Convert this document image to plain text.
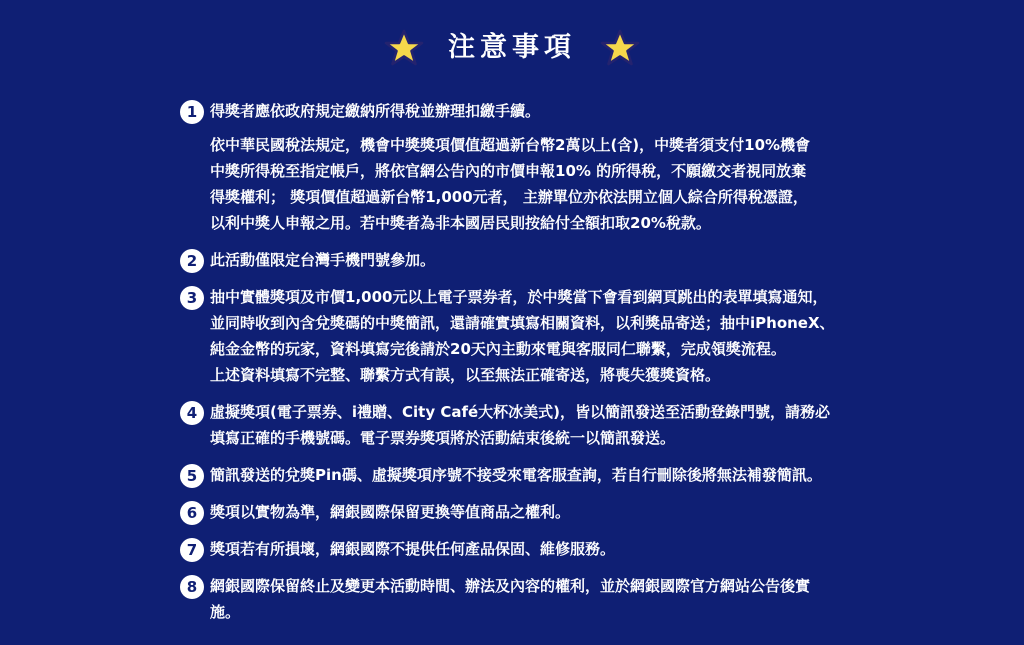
注意事項
1 得獎者應依政府規定繳納所得稅並辦理扣繳手續。
依中華民國稅法規定，機會中獎獎項價值超過新台幣2萬以上(含)，中獎者須支付10%機會
中獎所得稅至指定帳戶，將依官網公告內的市價申報10% 的所得稅，不願繳交者視同放棄
得獎權利； 獎項價值超過新台幣1,000元者， 主辦單位亦依法開立個人綜合所得稅憑證，
以利中獎人申報之用。若中獎者為非本國居民則按給付全額扣取20%稅款。
2 此活動僅限定台灣手機門號參加。
3 抽中實體獎項及市價1,000元以上電子票券者，於中獎當下會看到網頁跳出的表單填寫通知，
並同時收到內含兌獎碼的中獎簡訊，還請確實填寫相關資料，以利獎品寄送；抽中iPhoneX、
純金金幣的玩家，資料填寫完後請於20天內主動來電與客服同仁聯繫，完成領獎流程。
上述資料填寫不完整、聯繫方式有誤，以至無法正確寄送，將喪失獲獎資格。
4 虛擬獎項(電子票券、i禮贈、City Café大杯冰美式)，皆以簡訊發送至活動登錄門號，請務必
填寫正確的手機號碼。電子票券獎項將於活動結束後統一以簡訊發送。
5 簡訊發送的兌獎Pin碼、虛擬獎項序號不接受來電客服查詢，若自行刪除後將無法補發簡訊。
6 獎項以實物為準，網銀國際保留更換等值商品之權利。
7 獎項若有所損壞，網銀國際不提供任何產品保固、維修服務。
8 網銀國際保留終止及變更本活動時間、辦法及內容的權利，並於網銀國際官方網站公告後實
施。
